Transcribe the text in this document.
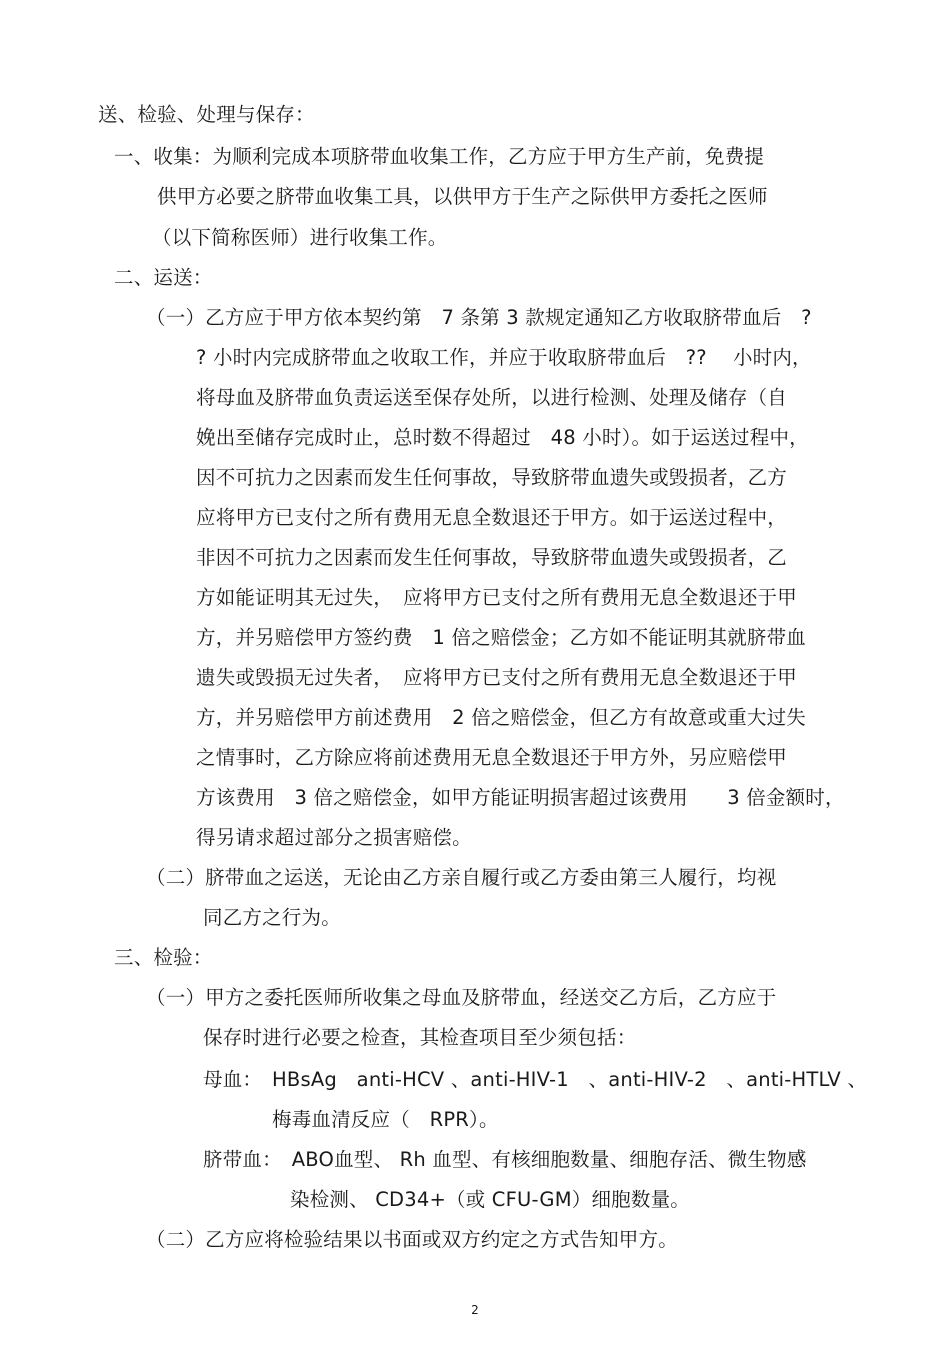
送、检验、处理与保存：
一、收集：为顺利完成本项脐带血收集工作，乙方应于甲方生产前，免费提
供甲方必要之脐带血收集工具，以供甲方于生产之际供甲方委托之医师
（以下简称医师）进行收集工作。
二、运送：
（一）乙方应于甲方依本契约第　7 条第 3 款规定通知乙方收取脐带血后　?
? 小时内完成脐带血之收取工作，并应于收取脐带血后　?? 　小时内，
将母血及脐带血负责运送至保存处所，以进行检测、处理及储存（自
娩出至储存完成时止，总时数不得超过　48 小时）。如于运送过程中，
因不可抗力之因素而发生任何事故，导致脐带血遗失或毁损者，乙方
应将甲方已支付之所有费用无息全数退还于甲方。如于运送过程中，
非因不可抗力之因素而发生任何事故，导致脐带血遗失或毁损者，乙
方如能证明其无过失，　应将甲方已支付之所有费用无息全数退还于甲
方，并另赔偿甲方签约费　1 倍之赔偿金；乙方如不能证明其就脐带血
遗失或毁损无过失者，　应将甲方已支付之所有费用无息全数退还于甲
方，并另赔偿甲方前述费用　2 倍之赔偿金，但乙方有故意或重大过失
之情事时，乙方除应将前述费用无息全数退还于甲方外，另应赔偿甲
方该费用　3 倍之赔偿金，如甲方能证明损害超过该费用　　3 倍金额时，
得另请求超过部分之损害赔偿。
（二）脐带血之运送，无论由乙方亲自履行或乙方委由第三人履行，均视
同乙方之行为。
三、检验：
（一）甲方之委托医师所收集之母血及脐带血，经送交乙方后，乙方应于
保存时进行必要之检查，其检查项目至少须包括：
母血：　HBsAg　anti-HCV 、anti-HIV-1　、anti-HIV-2　、anti-HTLV 、
梅毒血清反应（　RPR）。
脐带血：　ABO血型、 Rh 血型、有核细胞数量、细胞存活、微生物感
染检测、 CD34+（或 CFU-GM）细胞数量。
（二）乙方应将检验结果以书面或双方约定之方式告知甲方。
2
